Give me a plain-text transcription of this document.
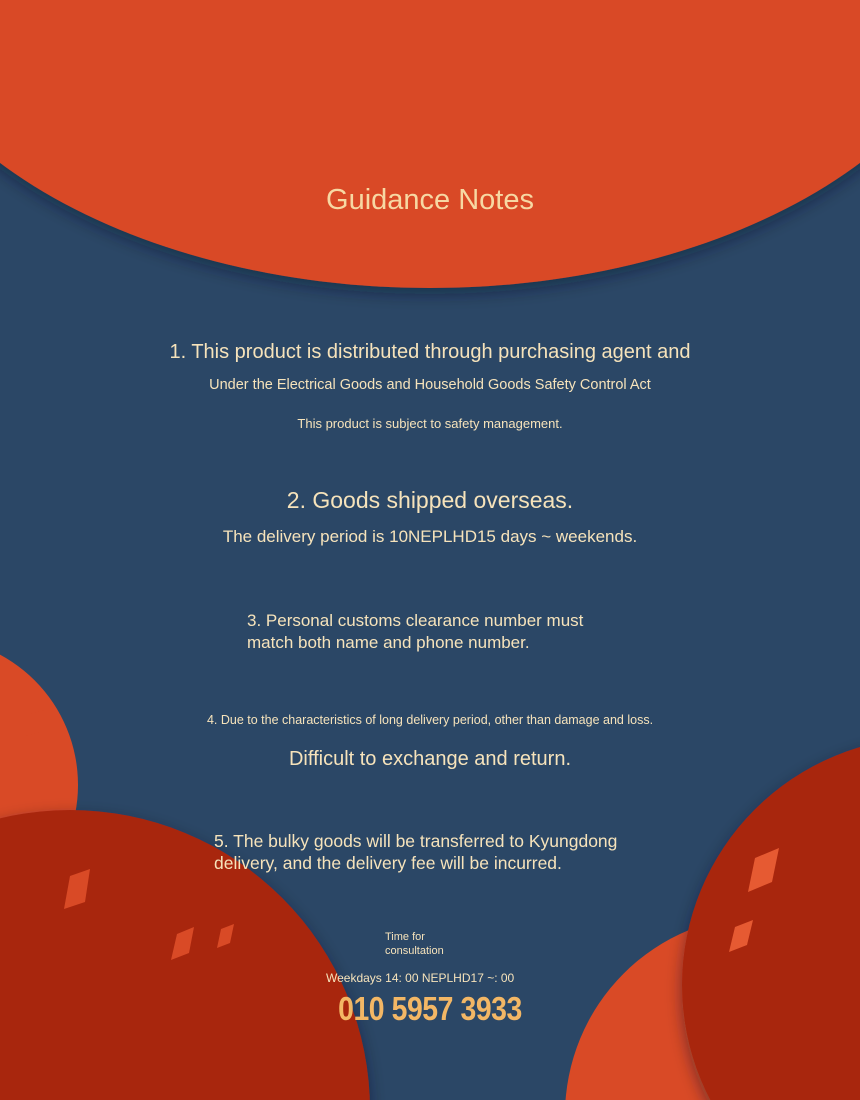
Guidance Notes
1. This product is distributed through purchasing agent and
Under the Electrical Goods and Household Goods Safety Control Act
This product is subject to safety management.
2. Goods shipped overseas.
The delivery period is 10NEPLHD15 days ~ weekends.
3. Personal customs clearance number must
match both name and phone number.
4. Due to the characteristics of long delivery period, other than damage and loss.
Difficult to exchange and return.
5. The bulky goods will be transferred to Kyungdong
delivery, and the delivery fee will be incurred.
Time for
consultation
Weekdays 14: 00 NEPLHD17 ~: 00
010 5957 3933
